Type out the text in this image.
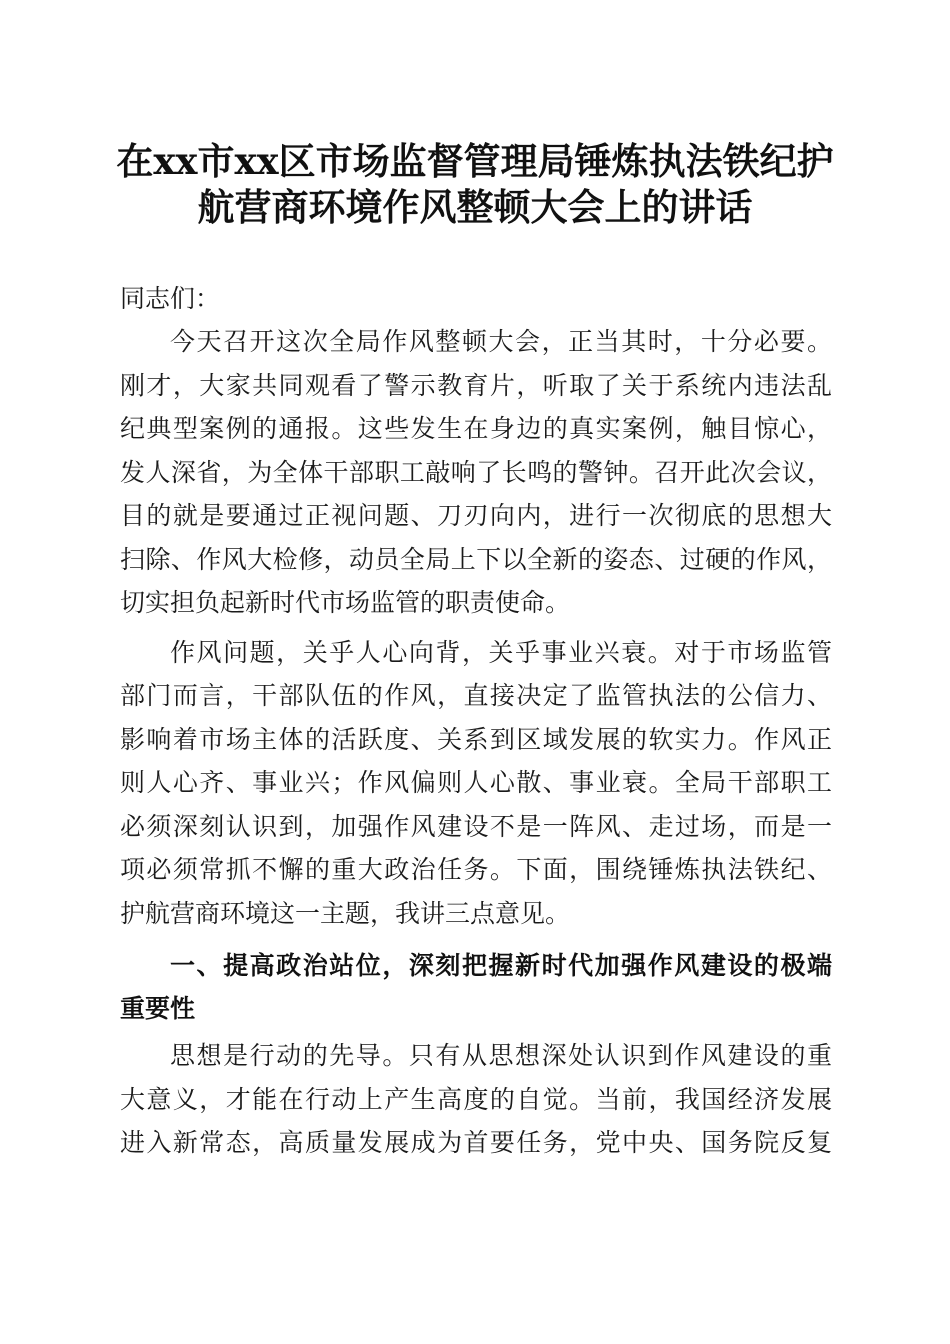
在xx市xx区市场监督管理局锤炼执法铁纪护
航营商环境作风整顿大会上的讲话
同志们：
今天召开这次全局作风整顿大会，正当其时，十分必要。
刚才，大家共同观看了警示教育片，听取了关于系统内违法乱
纪典型案例的通报。这些发生在身边的真实案例，触目惊心，
发人深省，为全体干部职工敲响了长鸣的警钟。召开此次会议，
目的就是要通过正视问题、刀刃向内，进行一次彻底的思想大
扫除、作风大检修，动员全局上下以全新的姿态、过硬的作风，
切实担负起新时代市场监管的职责使命。
作风问题，关乎人心向背，关乎事业兴衰。对于市场监管
部门而言，干部队伍的作风，直接决定了监管执法的公信力、
影响着市场主体的活跃度、关系到区域发展的软实力。作风正
则人心齐、事业兴；作风偏则人心散、事业衰。全局干部职工
必须深刻认识到，加强作风建设不是一阵风、走过场，而是一
项必须常抓不懈的重大政治任务。下面，围绕锤炼执法铁纪、
护航营商环境这一主题，我讲三点意见。
一、提高政治站位，深刻把握新时代加强作风建设的极端
重要性
思想是行动的先导。只有从思想深处认识到作风建设的重
大意义，才能在行动上产生高度的自觉。当前，我国经济发展
进入新常态，高质量发展成为首要任务，党中央、国务院反复
